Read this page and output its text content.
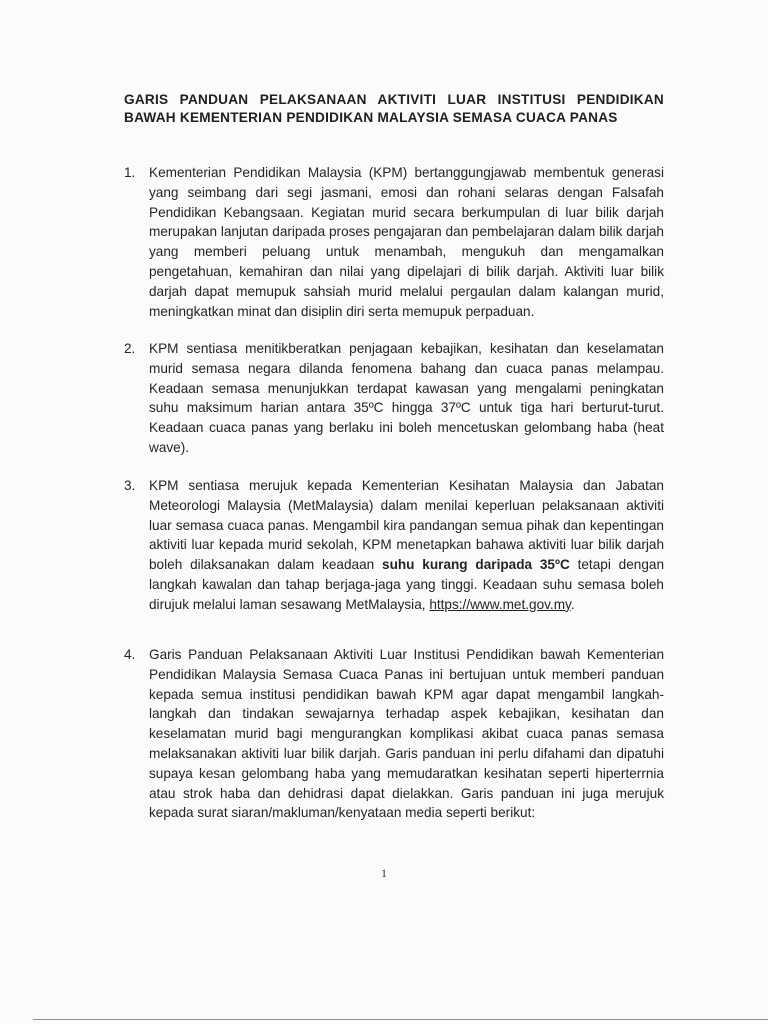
GARIS PANDUAN PELAKSANAAN AKTIVITI LUAR INSTITUSI PENDIDIKAN
BAWAH KEMENTERIAN PENDIDIKAN MALAYSIA SEMASA CUACA PANAS

1.	Kementerian Pendidikan Malaysia (KPM) bertanggungjawab membentuk generasi yang seimbang dari segi jasmani, emosi dan rohani selaras dengan Falsafah Pendidikan Kebangsaan. Kegiatan murid secara berkumpulan di luar bilik darjah merupakan lanjutan daripada proses pengajaran dan pembelajaran dalam bilik darjah yang memberi peluang untuk menambah, mengukuh dan mengamalkan pengetahuan, kemahiran dan nilai yang dipelajari di bilik darjah. Aktiviti luar bilik darjah dapat memupuk sahsiah murid melalui pergaulan dalam kalangan murid, meningkatkan minat dan disiplin diri serta memupuk perpaduan.

2.	KPM sentiasa menitikberatkan penjagaan kebajikan, kesihatan dan keselamatan murid semasa negara dilanda fenomena bahang dan cuaca panas melampau. Keadaan semasa menunjukkan terdapat kawasan yang mengalami peningkatan suhu maksimum harian antara 35ºC hingga 37ºC untuk tiga hari berturut-turut. Keadaan cuaca panas yang berlaku ini boleh mencetuskan gelombang haba (heat wave).

3.	KPM sentiasa merujuk kepada Kementerian Kesihatan Malaysia dan Jabatan Meteorologi Malaysia (MetMalaysia) dalam menilai keperluan pelaksanaan aktiviti luar semasa cuaca panas. Mengambil kira pandangan semua pihak dan kepentingan aktiviti luar kepada murid sekolah, KPM menetapkan bahawa aktiviti luar bilik darjah boleh dilaksanakan dalam keadaan suhu kurang daripada 35ºC tetapi dengan langkah kawalan dan tahap berjaga-jaga yang tinggi. Keadaan suhu semasa boleh dirujuk melalui laman sesawang MetMalaysia, https://www.met.gov.my.

4.	Garis Panduan Pelaksanaan Aktiviti Luar Institusi Pendidikan bawah Kementerian Pendidikan Malaysia Semasa Cuaca Panas ini bertujuan untuk memberi panduan kepada semua institusi pendidikan bawah KPM agar dapat mengambil langkah-langkah dan tindakan sewajarnya terhadap aspek kebajikan, kesihatan dan keselamatan murid bagi mengurangkan komplikasi akibat cuaca panas semasa melaksanakan aktiviti luar bilik darjah. Garis panduan ini perlu difahami dan dipatuhi supaya kesan gelombang haba yang memudaratkan kesihatan seperti hiperterrnia atau strok haba dan dehidrasi dapat dielakkan. Garis panduan ini juga merujuk kepada surat siaran/makluman/kenyataan media seperti berikut:

1
